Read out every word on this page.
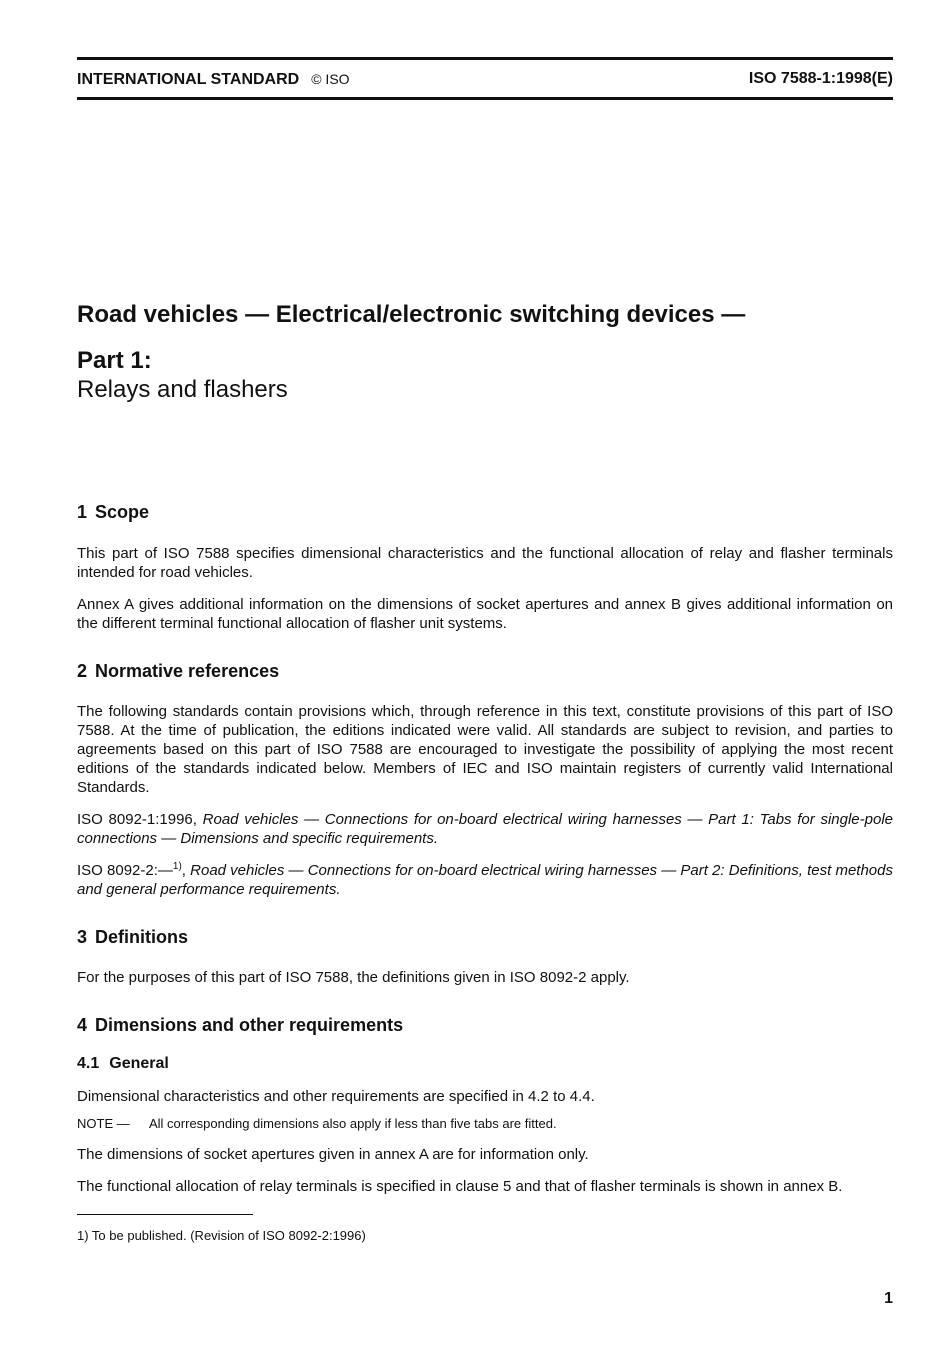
INTERNATIONAL STANDARD © ISO	ISO 7588-1:1998(E)
Road vehicles — Electrical/electronic switching devices —
Part 1:
Relays and flashers
1 Scope
This part of ISO 7588 specifies dimensional characteristics and the functional allocation of relay and flasher terminals intended for road vehicles.
Annex A gives additional information on the dimensions of socket apertures and annex B gives additional information on the different terminal functional allocation of flasher unit systems.
2 Normative references
The following standards contain provisions which, through reference in this text, constitute provisions of this part of ISO 7588. At the time of publication, the editions indicated were valid. All standards are subject to revision, and parties to agreements based on this part of ISO 7588 are encouraged to investigate the possibility of applying the most recent editions of the standards indicated below. Members of IEC and ISO maintain registers of currently valid International Standards.
ISO 8092-1:1996, Road vehicles — Connections for on-board electrical wiring harnesses — Part 1: Tabs for single-pole connections — Dimensions and specific requirements.
ISO 8092-2:—$^{1)}$, Road vehicles — Connections for on-board electrical wiring harnesses — Part 2: Definitions, test methods and general performance requirements.
3 Definitions
For the purposes of this part of ISO 7588, the definitions given in ISO 8092-2 apply.
4 Dimensions and other requirements
4.1 General
Dimensional characteristics and other requirements are specified in 4.2 to 4.4.
NOTE — All corresponding dimensions also apply if less than five tabs are fitted.
The dimensions of socket apertures given in annex A are for information only.
The functional allocation of relay terminals is specified in clause 5 and that of flasher terminals is shown in annex B.
1) To be published. (Revision of ISO 8092-2:1996)
1
